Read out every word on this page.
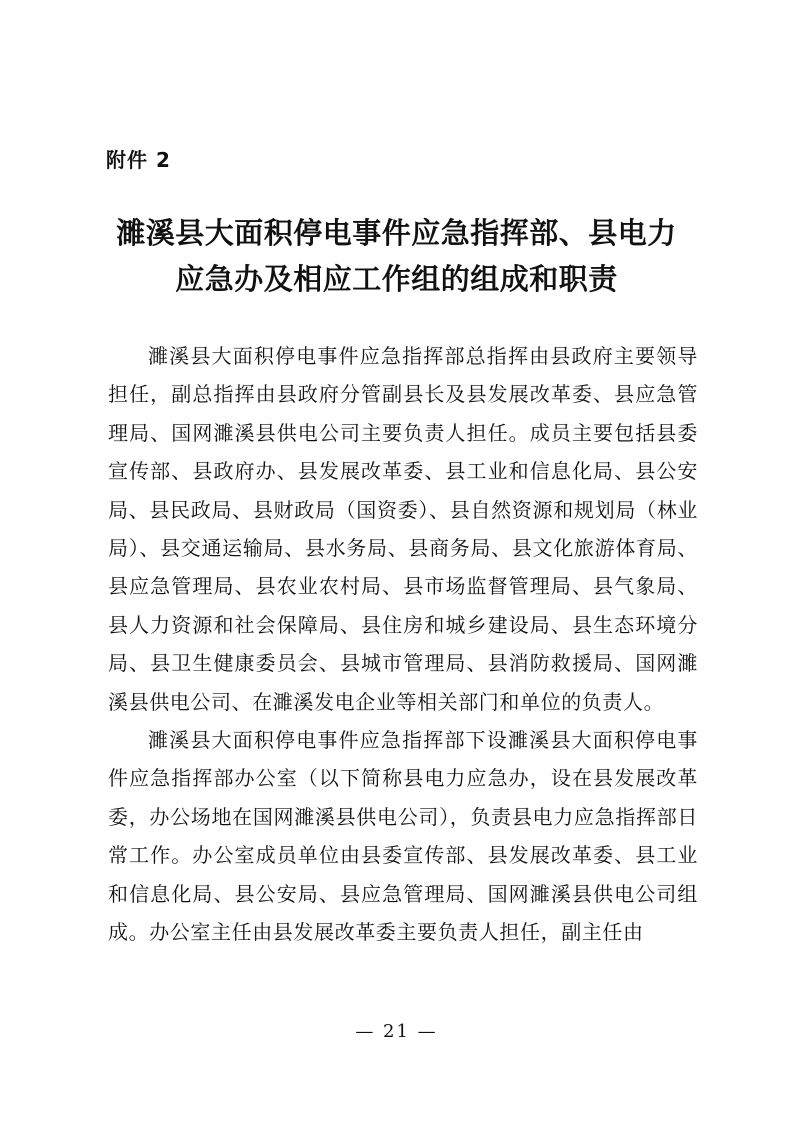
附件 2
濉溪县大面积停电事件应急指挥部、县电力
应急办及相应工作组的组成和职责

濉溪县大面积停电事件应急指挥部总指挥由县政府主要领导担任，副总指挥由县政府分管副县长及县发展改革委、县应急管理局、国网濉溪县供电公司主要负责人担任。成员主要包括县委宣传部、县政府办、县发展改革委、县工业和信息化局、县公安局、县民政局、县财政局（国资委）、县自然资源和规划局（林业局）、县交通运输局、县水务局、县商务局、县文化旅游体育局、县应急管理局、县农业农村局、县市场监督管理局、县气象局、县人力资源和社会保障局、县住房和城乡建设局、县生态环境分局、县卫生健康委员会、县城市管理局、县消防救援局、国网濉溪县供电公司、在濉溪发电企业等相关部门和单位的负责人。

濉溪县大面积停电事件应急指挥部下设濉溪县大面积停电事件应急指挥部办公室（以下简称县电力应急办，设在县发展改革委，办公场地在国网濉溪县供电公司），负责县电力应急指挥部日常工作。办公室成员单位由县委宣传部、县发展改革委、县工业和信息化局、县公安局、县应急管理局、国网濉溪县供电公司组成。办公室主任由县发展改革委主要负责人担任，副主任由

— 21 —
